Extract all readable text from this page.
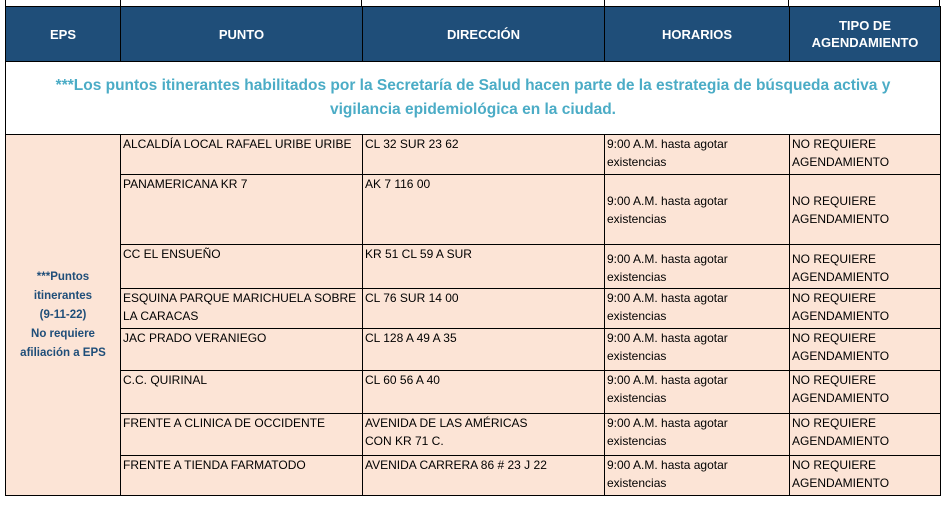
EPS	PUNTO	DIRECCIÓN	HORARIOS	TIPO DE
AGENDAMIENTO

***Los puntos itinerantes habilitados por la Secretaría de Salud hacen parte de la estrategia de búsqueda activa y
vigilancia epidemiológica en la ciudad.				

***Puntos
itinerantes
(9-11-22)
No requiere
afiliación a EPS	ALCALDÍA LOCAL RAFAEL URIBE URIBE	CL 32 SUR 23 62	9:00 A.M. hasta agotar
existencias	NO REQUIERE
AGENDAMIENTO

	PANAMERICANA KR 7	AK 7 116 00	9:00 A.M. hasta agotar
existencias	NO REQUIERE
AGENDAMIENTO

	CC EL ENSUEÑO	KR 51 CL 59 A SUR	9:00 A.M. hasta agotar
existencias	NO REQUIERE
AGENDAMIENTO

	ESQUINA PARQUE MARICHUELA SOBRE
LA CARACAS	CL 76 SUR 14 00	9:00 A.M. hasta agotar
existencias	NO REQUIERE
AGENDAMIENTO

	JAC PRADO VERANIEGO	CL 128 A 49 A 35	9:00 A.M. hasta agotar
existencias	NO REQUIERE
AGENDAMIENTO

	C.C. QUIRINAL	CL 60 56 A 40	9:00 A.M. hasta agotar
existencias	NO REQUIERE
AGENDAMIENTO

	FRENTE A CLINICA DE OCCIDENTE	AVENIDA DE LAS AMÉRICAS
CON KR 71 C.	9:00 A.M. hasta agotar
existencias	NO REQUIERE
AGENDAMIENTO

	FRENTE A TIENDA FARMATODO	AVENIDA CARRERA 86 # 23 J 22	9:00 A.M. hasta agotar
existencias	NO REQUIERE
AGENDAMIENTO
